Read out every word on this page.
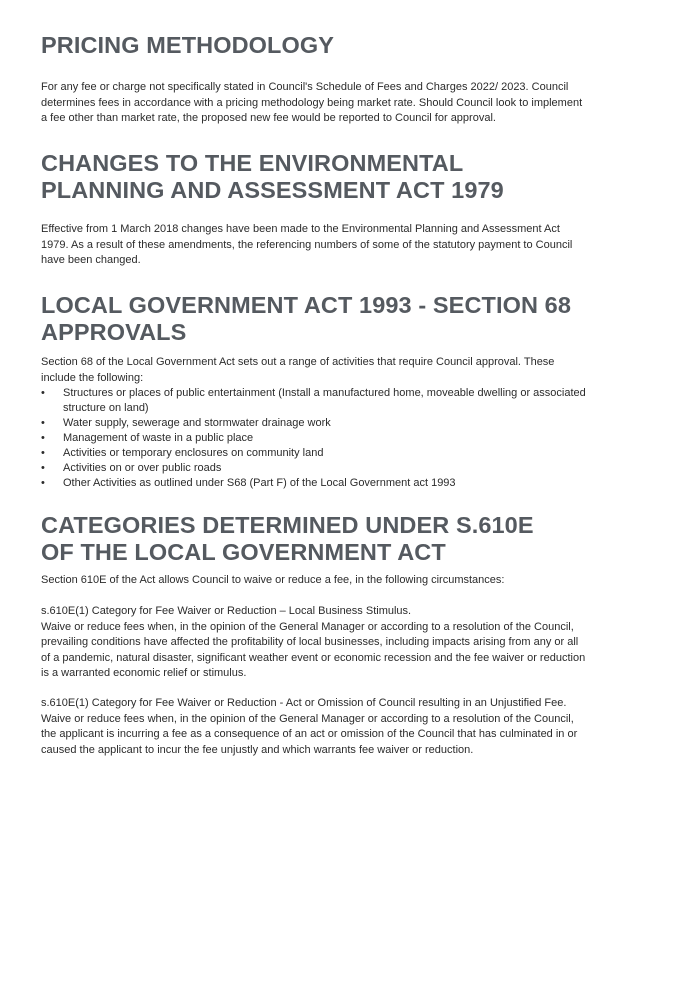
PRICING METHODOLOGY

For any fee or charge not specifically stated in Council's Schedule of Fees and Charges 2022/ 2023. Council determines fees in accordance with a pricing methodology being market rate. Should Council look to implement a fee other than market rate, the proposed new fee would be reported to Council for approval.

CHANGES TO THE ENVIRONMENTAL
PLANNING AND ASSESSMENT ACT 1979

Effective from 1 March 2018 changes have been made to the Environmental Planning and Assessment Act 1979. As a result of these amendments, the referencing numbers of some of the statutory payment to Council have been changed.

LOCAL GOVERNMENT ACT 1993 - SECTION 68
APPROVALS

Section 68 of the Local Government Act sets out a range of activities that require Council approval. These include the following:

• Structures or places of public entertainment (Install a manufactured home, moveable dwelling or associated structure on land)
• Water supply, sewerage and stormwater drainage work
• Management of waste in a public place
• Activities or temporary enclosures on community land
• Activities on or over public roads
• Other Activities as outlined under S68 (Part F) of the Local Government act 1993
CATEGORIES DETERMINED UNDER S.610E
OF THE LOCAL GOVERNMENT ACT

Section 610E of the Act allows Council to waive or reduce a fee, in the following circumstances:

s.610E(1) Category for Fee Waiver or Reduction – Local Business Stimulus.

Waive or reduce fees when, in the opinion of the General Manager or according to a resolution of the Council, prevailing conditions have affected the profitability of local businesses, including impacts arising from any or all of a pandemic, natural disaster, significant weather event or economic recession and the fee waiver or reduction is a warranted economic relief or stimulus.

s.610E(1) Category for Fee Waiver or Reduction - Act or Omission of Council resulting in an Unjustified Fee.

Waive or reduce fees when, in the opinion of the General Manager or according to a resolution of the Council, the applicant is incurring a fee as a consequence of an act or omission of the Council that has culminated in or caused the applicant to incur the fee unjustly and which warrants fee waiver or reduction.
